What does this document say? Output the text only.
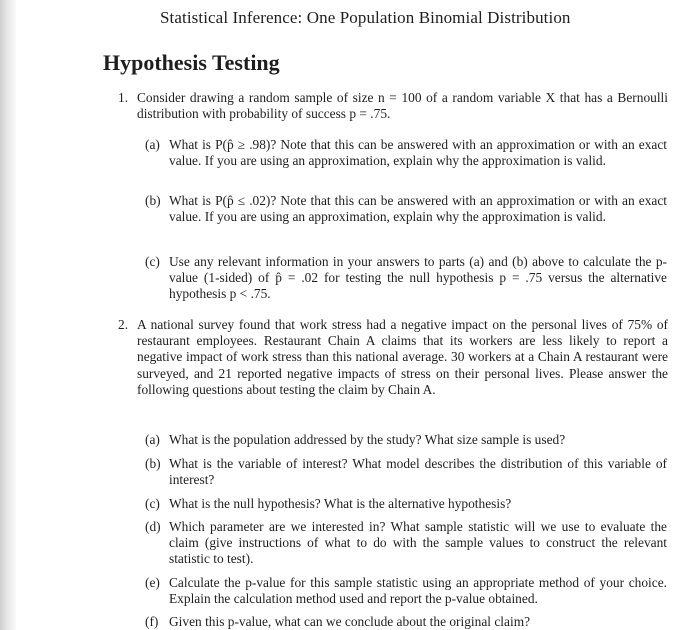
Statistical Inference: One Population Binomial Distribution
Hypothesis Testing
1. Consider drawing a random sample of size n = 100 of a random variable X that has a Bernoulli distribution with probability of success p = .75.
(a) What is P(p̂ ≥ .98)? Note that this can be answered with an approximation or with an exact value. If you are using an approximation, explain why the approximation is valid.
(b) What is P(p̂ ≤ .02)? Note that this can be answered with an approximation or with an exact value. If you are using an approximation, explain why the approximation is valid.
(c) Use any relevant information in your answers to parts (a) and (b) above to calculate the p-value (1-sided) of p̂ = .02 for testing the null hypothesis p = .75 versus the alternative hypothesis p < .75.
2. A national survey found that work stress had a negative impact on the personal lives of 75% of restaurant employees. Restaurant Chain A claims that its workers are less likely to report a negative impact of work stress than this national average. 30 workers at a Chain A restaurant were surveyed, and 21 reported negative impacts of stress on their personal lives. Please answer the following questions about testing the claim by Chain A.
(a) What is the population addressed by the study? What size sample is used?
(b) What is the variable of interest? What model describes the distribution of this variable of interest?
(c) What is the null hypothesis? What is the alternative hypothesis?
(d) Which parameter are we interested in? What sample statistic will we use to evaluate the claim (give instructions of what to do with the sample values to construct the relevant statistic to test).
(e) Calculate the p-value for this sample statistic using an appropriate method of your choice. Explain the calculation method used and report the p-value obtained.
(f) Given this p-value, what can we conclude about the original claim?
